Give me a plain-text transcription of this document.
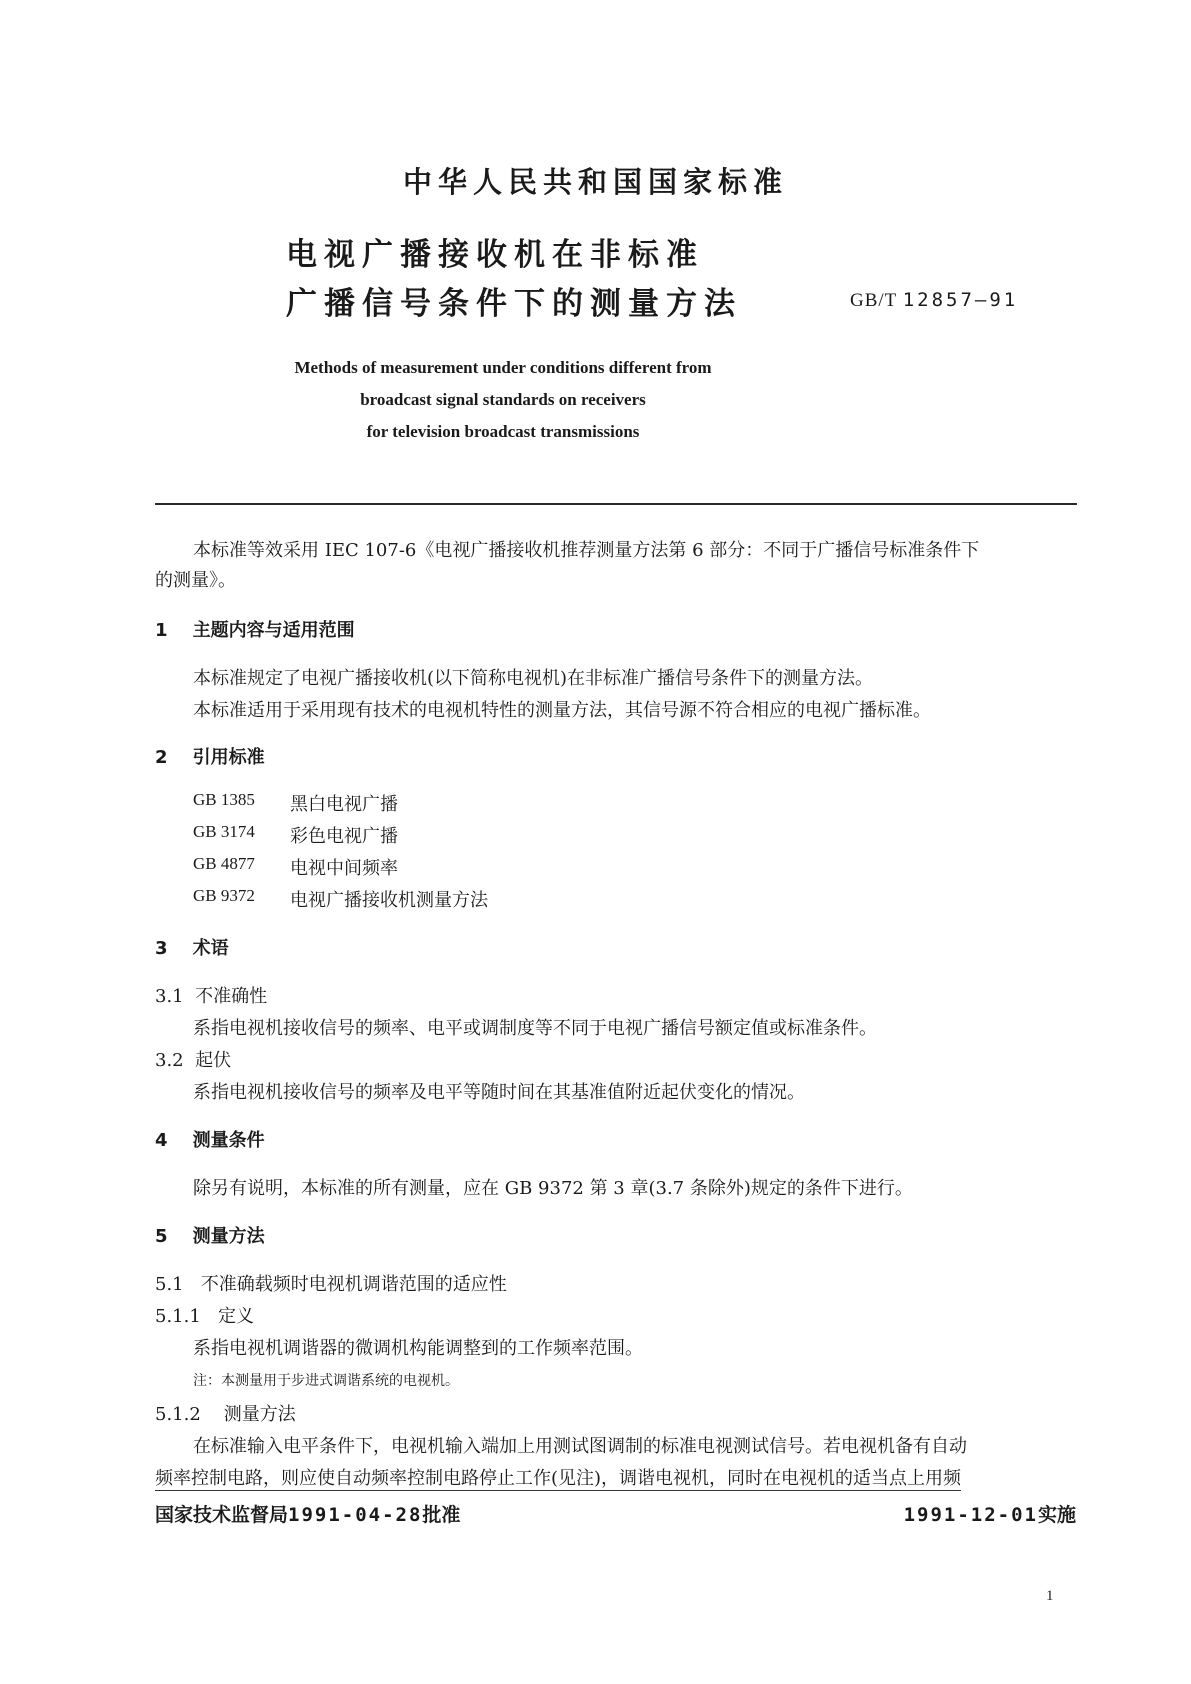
中华人民共和国国家标准
电视广播接收机在非标准
广播信号条件下的测量方法	GB/T 12857—91
Methods of measurement under conditions different from
broadcast signal standards on receivers
for television broadcast transmissions
本标准等效采用 IEC 107-6《电视广播接收机推荐测量方法第 6 部分：不同于广播信号标准条件下
的测量》。
1 主题内容与适用范围
本标准规定了电视广播接收机(以下简称电视机)在非标准广播信号条件下的测量方法。
本标准适用于采用现有技术的电视机特性的测量方法，其信号源不符合相应的电视广播标准。
2 引用标准
GB 1385 黑白电视广播
GB 3174 彩色电视广播
GB 4877 电视中间频率
GB 9372 电视广播接收机测量方法
3 术语
3.1 不准确性
系指电视机接收信号的频率、电平或调制度等不同于电视广播信号额定值或标准条件。
3.2 起伏
系指电视机接收信号的频率及电平等随时间在其基准值附近起伏变化的情况。
4 测量条件
除另有说明，本标准的所有测量，应在 GB 9372 第 3 章(3.7 条除外)规定的条件下进行。
5 测量方法
5.1 不准确载频时电视机调谐范围的适应性
5.1.1 定义
系指电视机调谐器的微调机构能调整到的工作频率范围。
注：本测量用于步进式调谐系统的电视机。
5.1.2 测量方法
在标准输入电平条件下，电视机输入端加上用测试图调制的标准电视测试信号。若电视机备有自动
频率控制电路，则应使自动频率控制电路停止工作(见注)，调谐电视机，同时在电视机的适当点上用频
国家技术监督局1991-04-28批准	1991-12-01实施
1
